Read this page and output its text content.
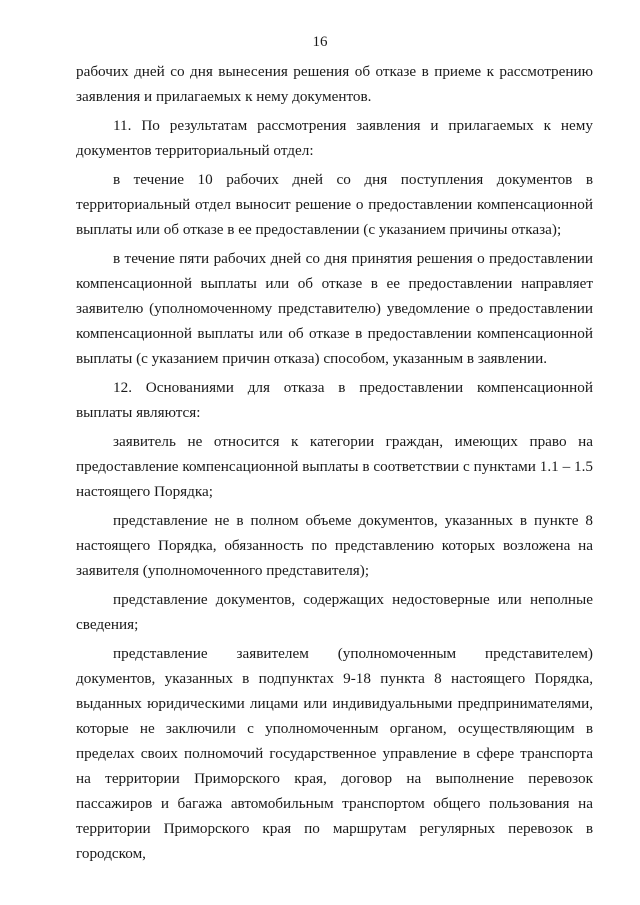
16

рабочих дней со дня вынесения решения об отказе в приеме к рассмотрению заявления и прилагаемых к нему документов.

11. По результатам рассмотрения заявления и прилагаемых к нему документов территориальный отдел:

в течение 10 рабочих дней со дня поступления документов в территориальный отдел выносит решение о предоставлении компенсационной выплаты или об отказе в ее предоставлении (с указанием причины отказа);

в течение пяти рабочих дней со дня принятия решения о предоставлении компенсационной выплаты или об отказе в ее предоставлении направляет заявителю (уполномоченному представителю) уведомление о предоставлении компенсационной выплаты или об отказе в предоставлении компенсационной выплаты (с указанием причин отказа) способом, указанным в заявлении.

12. Основаниями для отказа в предоставлении компенсационной выплаты являются:

заявитель не относится к категории граждан, имеющих право на предоставление компенсационной выплаты в соответствии с пунктами 1.1 – 1.5 настоящего Порядка;

представление не в полном объеме документов, указанных в пункте 8 настоящего Порядка, обязанность по представлению которых возложена на заявителя (уполномоченного представителя);

представление документов, содержащих недостоверные или неполные сведения;

представление заявителем (уполномоченным представителем) документов, указанных в подпунктах 9-18 пункта 8 настоящего Порядка, выданных юридическими лицами или индивидуальными предпринимателями, которые не заключили с уполномоченным органом, осуществляющим в пределах своих полномочий государственное управление в сфере транспорта на территории Приморского края, договор на выполнение перевозок пассажиров и багажа автомобильным транспортом общего пользования на территории Приморского края по маршрутам регулярных перевозок в городском,
